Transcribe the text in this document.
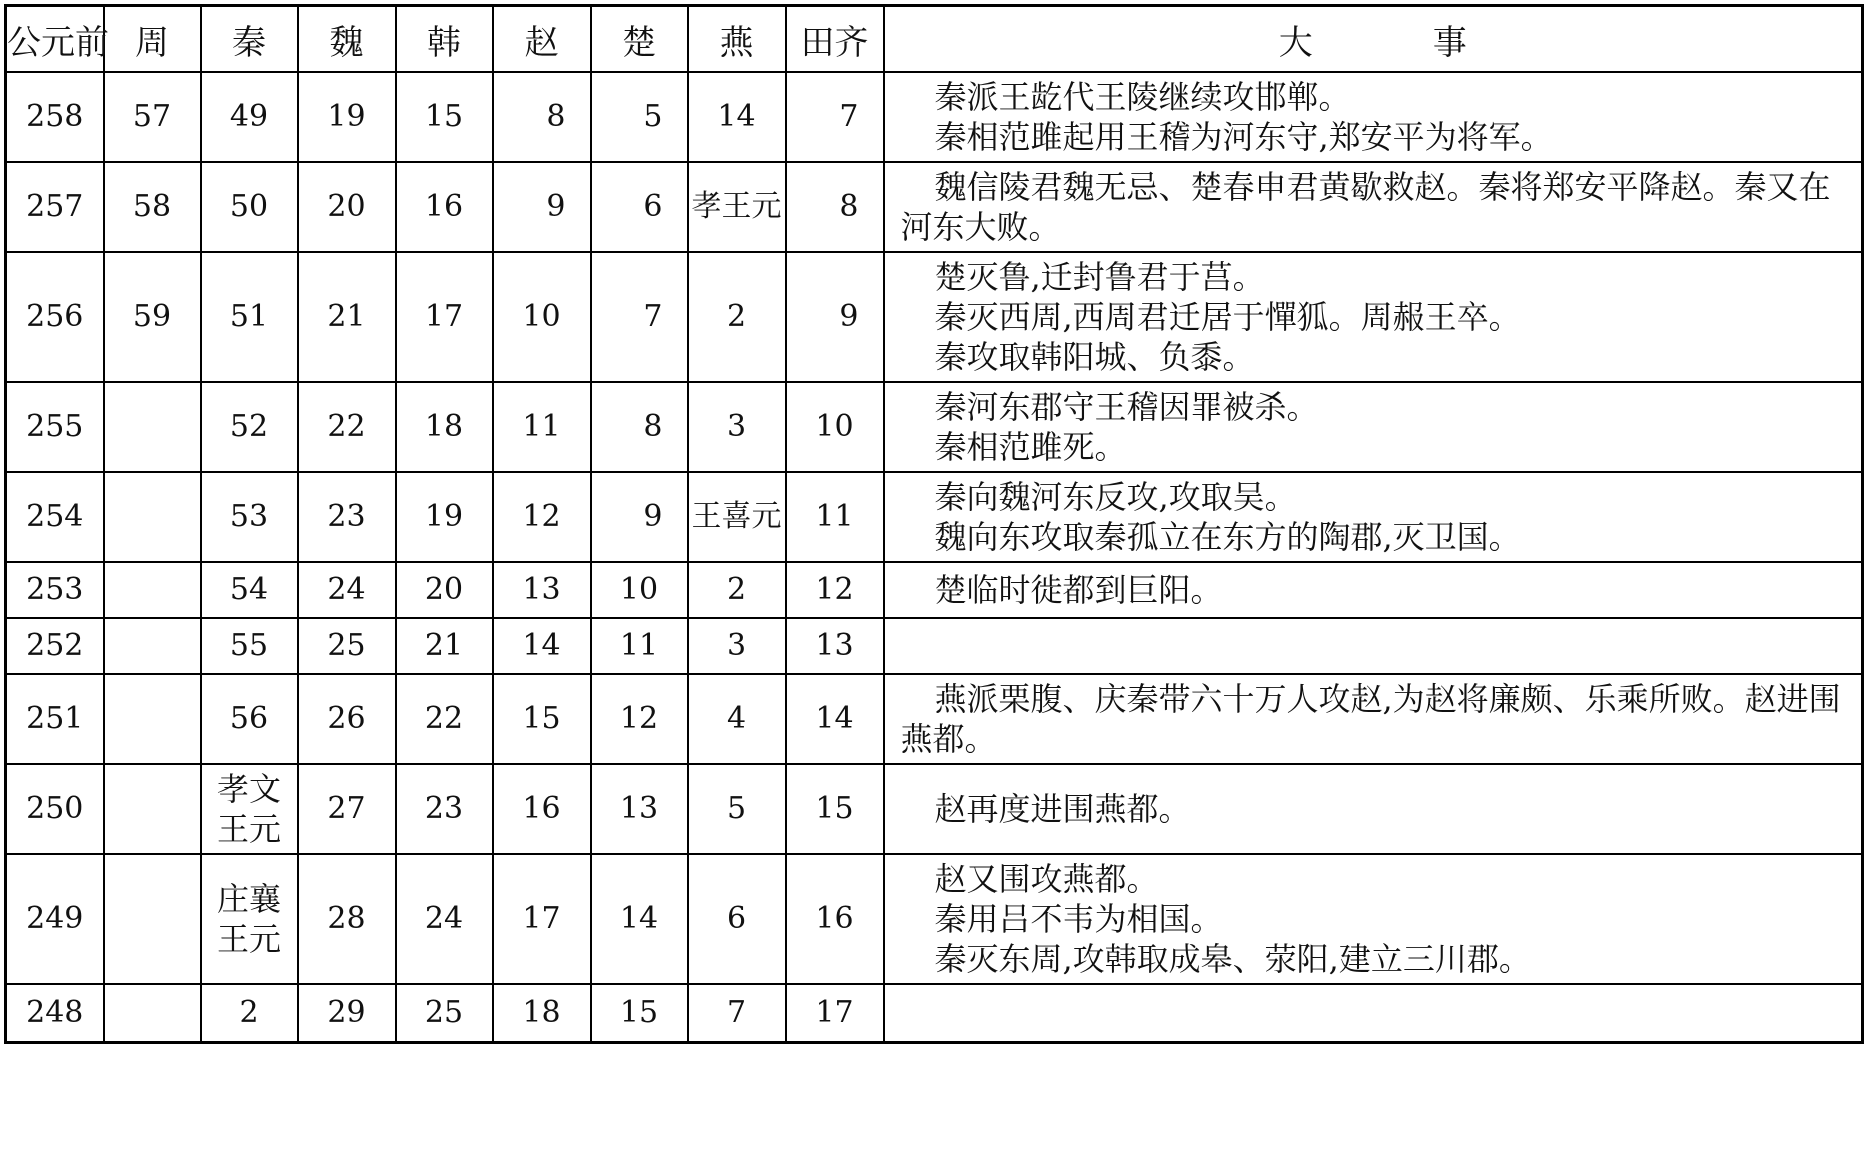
公元前	周	秦	魏	韩	赵	楚	燕	田齐	大 事
258	57	49	19	15	8	5	14	7	秦派王龁代王陵继续攻邯郸。
秦相范雎起用王稽为河东守,郑安平为将军。

257	58	50	20	16	9	6	孝王元	8	魏信陵君魏无忌、楚春申君黄歇救赵。秦将郑安平降赵。秦又在河东大败。

256	59	51	21	17	10	7	2	9	楚灭鲁,迁封鲁君于莒。
秦灭西周,西周君迁居于憚狐。周赧王卒。
秦攻取韩阳城、负黍。

255		52	22	18	11	8	3	10	秦河东郡守王稽因罪被杀。
秦相范雎死。

254		53	23	19	12	9	王喜元	11	秦向魏河东反攻,攻取吴。
魏向东攻取秦孤立在东方的陶郡,灭卫国。

253		54	24	20	13	10	2	12	楚临时徙都到巨阳。

252		55	25	21	14	11	3	13	
251		56	26	22	15	12	4	14	燕派栗腹、庆秦带六十万人攻赵,为赵将廉颇、乐乘所败。赵进围燕都。

250		孝文王元	27	23	16	13	5	15	赵再度进围燕都。

249		庄襄王元	28	24	17	14	6	16	赵又围攻燕都。
秦用吕不韦为相国。
秦灭东周,攻韩取成皋、荥阳,建立三川郡。

248		2	29	25	18	15	7	17	
